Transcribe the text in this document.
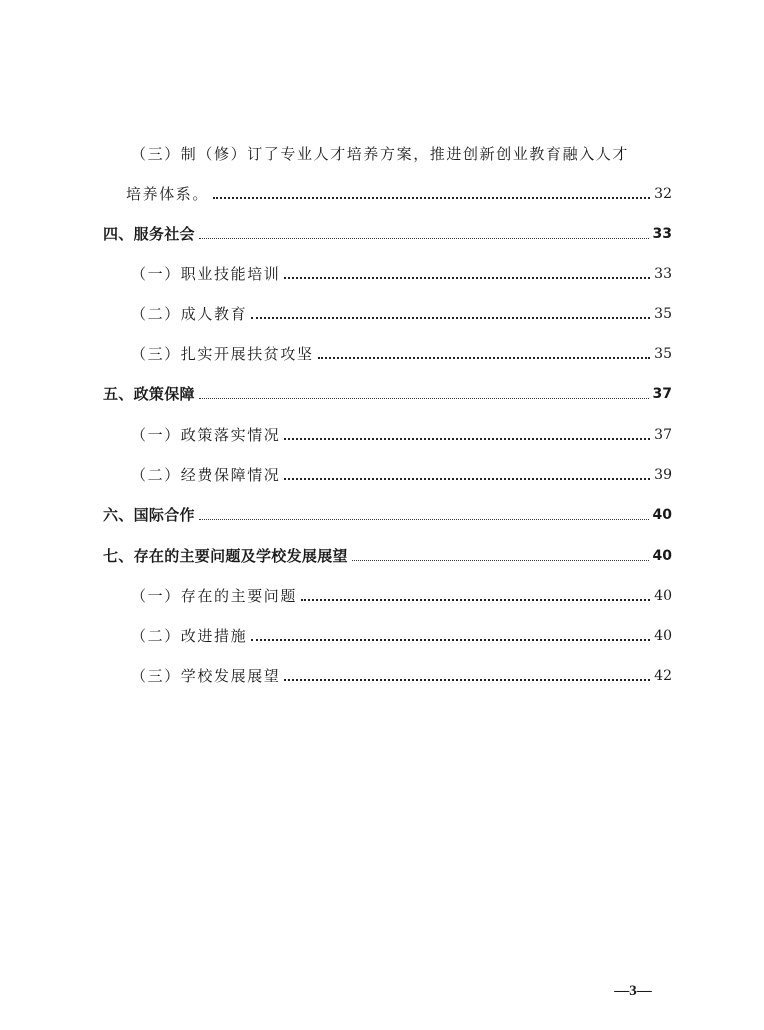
（三）制（修）订了专业人才培养方案，推进创新创业教育融入人才
培养体系。	32
四、服务社会	33
（一）职业技能培训	33
（二）成人教育	35
（三）扎实开展扶贫攻坚	35
五、政策保障	37
（一）政策落实情况	37
（二）经费保障情况	39
六、国际合作	40
七、存在的主要问题及学校发展展望	40
（一）存在的主要问题	40
（二）改进措施	40
（三）学校发展展望	42
—3—
